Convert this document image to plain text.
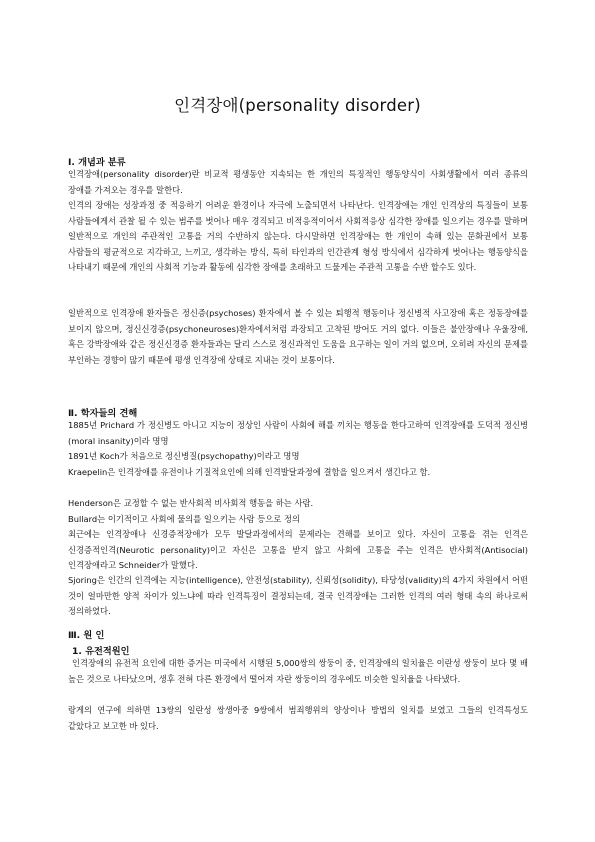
인격장애(personality disorder)
Ⅰ. 개념과 분류

인격장애(personality disorder)란 비교적 평생동안 지속되는 한 개인의 특징적인 행동양식이 사회생활에서 여러 종류의 장애를 가져오는 경우를 말한다.

인격의 장애는 성장과정 중 적응하기 어려운 환경이나 자극에 노출되면서 나타난다. 인격장애는 개인 인격상의 특징들이 보통 사람들에게서 관찰 될 수 있는 범주를 벗어나 매우 경직되고 비적응적이어서 사회적응상 심각한 장애를 일으키는 경우를 말하며 일반적으로 개인의 주관적인 고통을 거의 수반하지 않는다. 다시말하면 인격장애는 한 개인이 속해 있는 문화권에서 보통 사람들의 평균적으로 지각하고, 느끼고, 생각하는 방식, 특히 타인과의 인간관계 형성 방식에서 심각하게 벗어나는 행동양식을 나타내기 때문에 개인의 사회적 기능과 활동에 심각한 장애를 초래하고 드물게는 주관적 고통을 수반 할수도 있다.

일반적으로 인격장애 환자들은 정신증(psychoses) 환자에서 볼 수 있는 퇴행적 행동이나 정신병적 사고장애 혹은 정동장애를 보이지 않으며, 정신신경증(psychoneuroses)환자에서처럼 과장되고 고착된 방어도 거의 없다. 이들은 불안장애나 우울장애, 혹은 강박장애와 같은 정신신경증 환자들과는 달리 스스로 정신과적인 도움을 요구하는 일이 거의 없으며, 오히려 자신의 문제를 부인하는 경향이 많기 때문에 평생 인격장애 상태로 지내는 것이 보통이다.

Ⅱ. 학자들의 견해

1885년 Prichard 가 정신병도 아니고 지능이 정상인 사람이 사회에 해를 끼치는 행동을 한다고하여 인격장애를 도덕적 정신병(moral insanity)이라 명명

1891년 Koch가 처음으로 정신병질(psychopathy)이라고 명명

Kraepelin은 인격장애를 유전이나 기질적요인에 의해 인격발달과정에 결함을 일으켜서 생긴다고 함.

Henderson은 교정할 수 없는 반사회적 비사회적 행동을 하는 사람.

Bullard는 이기적이고 사회에 물의를 일으키는 사람 등으로 정의

최근에는 인격장애나 신경증적장애가 모두 발달과정에서의 문제라는 견해를 보이고 있다. 자신이 고통을 겪는 인격은 신경증적인격(Neurotic personality)이고 자신은 고통을 받지 않고 사회에 고통을 주는 인격은 반사회적(Antisocial) 인격장애라고 Schneider가 말했다.

Sjoring은 인간의 인격에는 지능(intelligence), 안전성(stability), 신뢰성(solidity), 타당성(validity)의 4가지 차원에서 어떤 것이 얼마만한 양적 차이가 있느냐에 따라 인격특징이 결정되는데, 결국 인격장애는 그러한 인격의 여러 형태 속의 하나로써 정의하였다.

Ⅲ. 원 인
1. 유전적원인

인격장애의 유전적 요인에 대한 증거는 미국에서 시행된 5,000쌍의 쌍둥이 중, 인격장애의 일치율은 이란성 쌍둥이 보다 몇 배 높은 것으로 나타났으며, 생후 전혀 다른 환경에서 떨어져 자란 쌍둥이의 경우에도 비슷한 일치율을 나타냈다.

랑게의 연구에 의하면 13쌍의 일란성 쌍생아중 9쌍에서 범죄행위의 양상이나 방법의 일치를 보였고 그들의 인격특성도 같았다고 보고한 바 있다.
